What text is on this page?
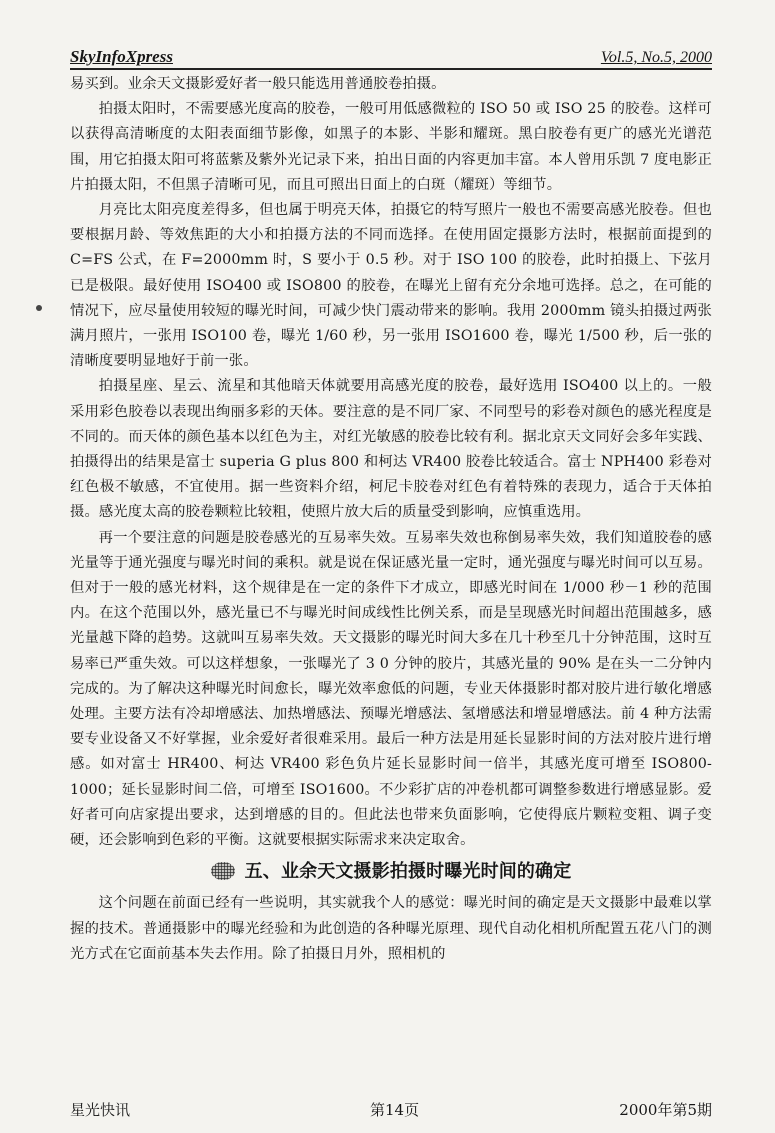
SkyInfoXpress	Vol.5, No.5, 2000

易买到。业余天文摄影爱好者一般只能选用普通胶卷拍摄。

拍摄太阳时，不需要感光度高的胶卷，一般可用低感微粒的 ISO 50 或 ISO 25 的胶卷。这样可以获得高清晰度的太阳表面细节影像，如黑子的本影、半影和耀斑。黑白胶卷有更广的感光光谱范围，用它拍摄太阳可将蓝紫及紫外光记录下来，拍出日面的内容更加丰富。本人曾用乐凯 7 度电影正片拍摄太阳，不但黑子清晰可见，而且可照出日面上的白斑（耀斑）等细节。

月亮比太阳亮度差得多，但也属于明亮天体，拍摄它的特写照片一般也不需要高感光胶卷。但也要根据月龄、等效焦距的大小和拍摄方法的不同而选择。在使用固定摄影方法时，根据前面提到的 C=FS 公式，在 F=2000mm 时，S 要小于 0.5 秒。对于 ISO 100 的胶卷，此时拍摄上、下弦月已是极限。最好使用 ISO400 或 ISO800 的胶卷，在曝光上留有充分余地可选择。总之，在可能的情况下，应尽量使用较短的曝光时间，可减少快门震动带来的影响。我用 2000mm 镜头拍摄过两张满月照片，一张用 ISO100 卷，曝光 1/60 秒，另一张用 ISO1600 卷，曝光 1/500 秒，后一张的清晰度要明显地好于前一张。

拍摄星座、星云、流星和其他暗天体就要用高感光度的胶卷，最好选用 ISO400 以上的。一般采用彩色胶卷以表现出绚丽多彩的天体。要注意的是不同厂家、不同型号的彩卷对颜色的感光程度是不同的。而天体的颜色基本以红色为主，对红光敏感的胶卷比较有利。据北京天文同好会多年实践、拍摄得出的结果是富士 superia G plus 800 和柯达 VR400 胶卷比较适合。富士 NPH400 彩卷对红色极不敏感，不宜使用。据一些资料介绍，柯尼卡胶卷对红色有着特殊的表现力，适合于天体拍摄。感光度太高的胶卷颗粒比较粗，使照片放大后的质量受到影响，应慎重选用。

再一个要注意的问题是胶卷感光的互易率失效。互易率失效也称倒易率失效，我们知道胶卷的感光量等于通光强度与曝光时间的乘积。就是说在保证感光量一定时，通光强度与曝光时间可以互易。但对于一般的感光材料，这个规律是在一定的条件下才成立，即感光时间在 1/000 秒－1 秒的范围内。在这个范围以外，感光量已不与曝光时间成线性比例关系，而是呈现感光时间超出范围越多，感光量越下降的趋势。这就叫互易率失效。天文摄影的曝光时间大多在几十秒至几十分钟范围，这时互易率已严重失效。可以这样想象，一张曝光了 3 0 分钟的胶片，其感光量的 90% 是在头一二分钟内完成的。为了解决这种曝光时间愈长，曝光效率愈低的问题，专业天体摄影时都对胶片进行敏化增感处理。主要方法有冷却增感法、加热增感法、预曝光增感法、氢增感法和增显增感法。前 4 种方法需要专业设备又不好掌握，业余爱好者很难采用。最后一种方法是用延长显影时间的方法对胶片进行增感。如对富士 HR400、柯达 VR400 彩色负片延长显影时间一倍半，其感光度可增至 ISO800-1000；延长显影时间二倍，可增至 ISO1600。不少彩扩店的冲卷机都可调整参数进行增感显影。爱好者可向店家提出要求，达到增感的目的。但此法也带来负面影响，它使得底片颗粒变粗、调子变硬，还会影响到色彩的平衡。这就要根据实际需求来决定取舍。

五、业余天文摄影拍摄时曝光时间的确定

这个问题在前面已经有一些说明，其实就我个人的感觉：曝光时间的确定是天文摄影中最难以掌握的技术。普通摄影中的曝光经验和为此创造的各种曝光原理、现代自动化相机所配置五花八门的测光方式在它面前基本失去作用。除了拍摄日月外，照相机的

星光快讯	第14页	2000年第5期
